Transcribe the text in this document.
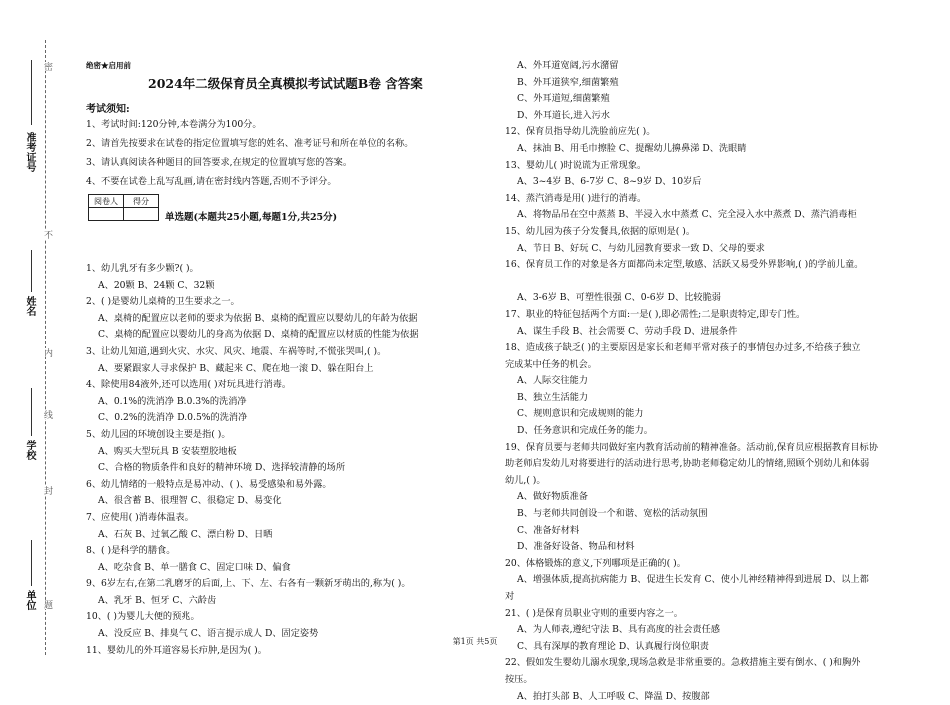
准考证号
姓名
学校
单位
密
不
内
线
封
题
绝密★启用前
2024年二级保育员全真模拟考试试题B卷 含答案
考试须知:

1、考试时间:120分钟,本卷满分为100分。

2、请首先按要求在试卷的指定位置填写您的姓名、准考证号和所在单位的名称。

3、请认真阅读各种题目的回答要求,在规定的位置填写您的答案。

4、不要在试卷上乱写乱画,请在密封线内答题,否则不予评分。

阅卷人	得分

单选题(本题共25小题,每题1分,共25分)

1、幼儿乳牙有多少颗?( )。

A、20颗 B、24颗 C、32颗

2、( )是婴幼儿桌椅的卫生要求之一。

A、桌椅的配置应以老师的要求为依据 B、桌椅的配置应以婴幼儿的年龄为依据

C、桌椅的配置应以婴幼儿的身高为依据 D、桌椅的配置应以材质的性能为依据

3、让幼儿知道,遇到火灾、水灾、风灾、地震、车祸等时,不慌张哭叫,( )。

A、要紧跟家人寻求保护 B、藏起来 C、爬在地一滚 D、躲在阳台上

4、除使用84液外,还可以选用( )对玩具进行消毒。

A、0.1%的洗消净 B.0.3%的洗消净

C、0.2%的洗消净 D.0.5%的洗消净

5、幼儿园的环境创设主要是指( )。

A、购买大型玩具 B 安装塑胶地板

C、合格的物质条件和良好的精神环境 D、选择较清静的场所

6、幼儿情绪的一般特点是易冲动、( )、易受感染和易外露。

A、很含蓄 B、很理智 C、很稳定 D、易变化

7、应使用( )消毒体温表。

A、石灰 B、过氧乙酸 C、漂白粉 D、日晒

8、( )是科学的膳食。

A、吃杂食 B、单一膳食 C、固定口味 D、偏食

9、6岁左右,在第二乳磨牙的后面,上、下、左、右各有一颗新牙萌出的,称为( )。

A、乳牙 B、恒牙 C、六龄齿

10、( )为婴儿大便的预兆。

A、没反应 B、排臭气 C、语言提示成人 D、固定姿势

11、婴幼儿的外耳道容易长疖肿,是因为( )。

A、外耳道宽阔,污水潴留

B、外耳道狭窄,细菌繁殖

C、外耳道短,细菌繁殖

D、外耳道长,进入污水

12、保育员指导幼儿洗脸前应先( )。

A、抹油 B、用毛巾擦脸 C、提醒幼儿擤鼻涕 D、洗眼睛

13、婴幼儿( )时说谎为正常现象。

A、3~4岁 B、6-7岁 C、8~9岁 D、10岁后

14、蒸汽消毒是用( )进行的消毒。

A、将物品吊在空中蒸蒸 B、半浸入水中蒸煮 C、完全浸入水中蒸煮 D、蒸汽消毒柜

15、幼儿园为孩子分发餐具,依据的原则是( )。

A、节日 B、好玩 C、与幼儿园教育要求一致 D、父母的要求

16、保育员工作的对象是各方面都尚未定型,敏感、活跃又易受外界影响,( )的学前儿童。

A、3-6岁 B、可塑性很强 C、0-6岁 D、比较脆弱

17、职业的特征包括两个方面:一是( ),即必需性;二是职责特定,即专门性。

A、谋生手段 B、社会需要 C、劳动手段 D、进展条件

18、造成孩子缺乏( )的主要原因是家长和老师平常对孩子的事情包办过多,不给孩子独立

完成某中任务的机会。

A、人际交往能力

B、独立生活能力

C、规则意识和完成规则的能力

D、任务意识和完成任务的能力。

19、保育员要与老师共同做好室内教育活动前的精神准备。活动前,保育员应根据教育目标协

助老师启发幼儿对将要进行的活动进行思考,协助老师稳定幼儿的情绪,照顾个别幼儿和体弱

幼儿,( )。

A、做好物质准备

B、与老师共同创设一个和谐、宽松的活动氛围

C、准备好材料

D、准备好设备、物品和材料

20、体格锻炼的意义,下列哪项是正确的( )。

A、增强体质,提高抗病能力 B、促进生长发育 C、使小儿神经精神得到进展 D、以上都

对

21、( )是保育员职业守则的重要内容之一。

A、为人师表,遵纪守法 B、具有高度的社会责任感

C、具有深厚的教育理论 D、认真履行岗位职责

22、假如发生婴幼儿溺水现象,现场急救是非常重要的。急救措施主要有倒水、( )和胸外

按压。

A、拍打头部 B、人工呼吸 C、降温 D、按腹部

第1页 共5页
